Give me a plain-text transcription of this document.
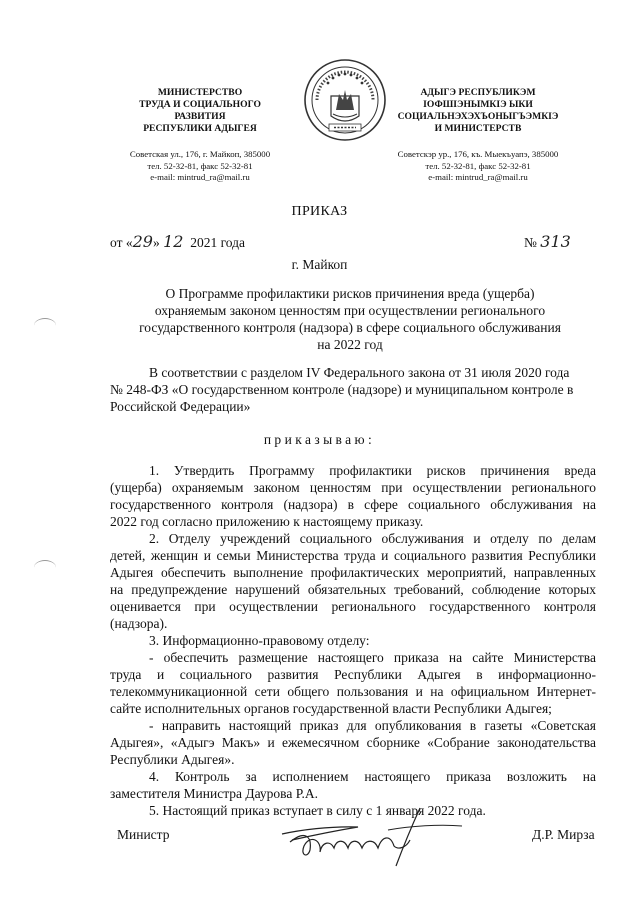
МИНИСТЕРСТВО
ТРУДА И СОЦИАЛЬНОГО
РАЗВИТИЯ
РЕСПУБЛИКИ АДЫГЕЯ
Советская ул., 176, г. Майкоп, 385000
тел. 52-32-81, факс 52-32-81
e-mail: mintrud_ra@mail.ru
АДЫГЭ РЕСПУБЛИКЭМ
ІОФШІЭНЫМКІЭ ЫКИ
СОЦИАЛЬНЭХЭХЪОНЫГЪЭМКІЭ
И МИНИСТЕРСТВ
Советскэр ур., 176, къ. Мыекъуапэ, 385000
тел. 52-32-81, факс 52-32-81
e-mail: mintrud_ra@mail.ru
ПРИКАЗ
от «29» 12 2021 года	№ 313
г. Майкоп
О Программе профилактики рисков причинения вреда (ущерба)
охраняемым законом ценностям при осуществлении регионального
государственного контроля (надзора) в сфере социального обслуживания
на 2022 год
В соответствии с разделом IV Федерального закона от 31 июля 2020 года
№ 248-ФЗ «О государственном контроле (надзоре) и муниципальном контроле в
Российской Федерации»
приказываю:

1. Утвердить Программу профилактики рисков причинения вреда
(ущерба) охраняемым законом ценностям при осуществлении регионального
государственного контроля (надзора) в сфере социального обслуживания на
2022 год согласно приложению к настоящему приказу.

2. Отделу учреждений социального обслуживания и отделу по делам
детей, женщин и семьи Министерства труда и социального развития Республики
Адыгея обеспечить выполнение профилактических мероприятий, направленных
на предупреждение нарушений обязательных требований, соблюдение которых
оценивается при осуществлении регионального государственного контроля
(надзора).

3. Информационно-правовому отделу:

- обеспечить размещение настоящего приказа на сайте Министерства
труда и социального развития Республики Адыгея в информационно-
телекоммуникационной сети общего пользования и на официальном Интернет-
сайте исполнительных органов государственной власти Республики Адыгея;

- направить настоящий приказ для опубликования в газеты «Советская
Адыгея», «Адыгэ Макъ» и ежемесячном сборнике «Собрание законодательства
Республики Адыгея».

4. Контроль за исполнением настоящего приказа возложить на
заместителя Министра Даурова Р.А.

5. Настоящий приказ вступает в силу с 1 января 2022 года.

Министр	Д.Р. Мирза
